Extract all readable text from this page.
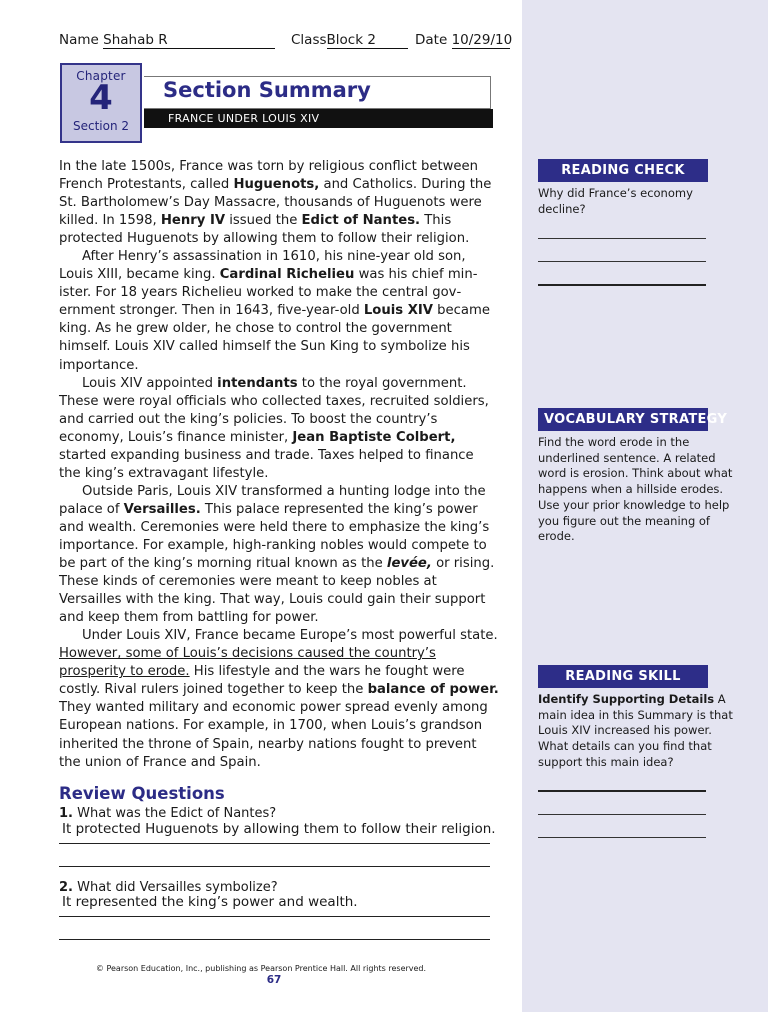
Name Shahab R	ClassBlock 2	Date 10/29/10
Chapter
4
Section 2
Section Summary
FRANCE UNDER LOUIS XIV

In the late 1500s, France was torn by religious conflict between French Protestants, called Huguenots, and Catholics. During the St. Bartholomew’s Day Massacre, thousands of Huguenots were killed. In 1598, Henry IV issued the Edict of Nantes. This protected Huguenots by allowing them to follow their religion.

After Henry’s assassination in 1610, his nine-year old son, Louis XIII, became king. Cardinal Richelieu was his chief minister. For 18 years Richelieu worked to make the central government stronger. Then in 1643, five-year-old Louis XIV became king. As he grew older, he chose to control the government himself. Louis XIV called himself the Sun King to symbolize his importance.

Louis XIV appointed intendants to the royal government. These were royal officials who collected taxes, recruited soldiers, and carried out the king’s policies. To boost the country’s economy, Louis’s finance minister, Jean Baptiste Colbert, started expanding business and trade. Taxes helped to finance the king’s extravagant lifestyle.

Outside Paris, Louis XIV transformed a hunting lodge into the palace of Versailles. This palace represented the king’s power and wealth. Ceremonies were held there to emphasize the king’s importance. For example, high-ranking nobles would compete to be part of the king’s morning ritual known as the levée, or rising. These kinds of ceremonies were meant to keep nobles at Versailles with the king. That way, Louis could gain their support and keep them from battling for power.

Under Louis XIV, France became Europe’s most powerful state. However, some of Louis’s decisions caused the country’s prosperity to erode. His lifestyle and the wars he fought were costly. Rival rulers joined together to keep the balance of power. They wanted military and economic power spread evenly among European nations. For example, in 1700, when Louis’s grandson inherited the throne of Spain, nearby nations fought to prevent the union of France and Spain.

Review Questions
1. What was the Edict of Nantes?
It protected Huguenots by allowing them to follow their religion.
2. What did Versailles symbolize?
It represented the king’s power and wealth.
© Pearson Education, Inc., publishing as Pearson Prentice Hall. All rights reserved.
67
READING CHECK
Why did France’s economy decline?
VOCABULARY STRATEGY
Find the word erode in the underlined sentence. A related word is erosion. Think about what happens when a hillside erodes. Use your prior knowledge to help you figure out the meaning of erode.
READING SKILL
Identify Supporting Details A main idea in this Summary is that Louis XIV increased his power. What details can you find that support this main idea?
